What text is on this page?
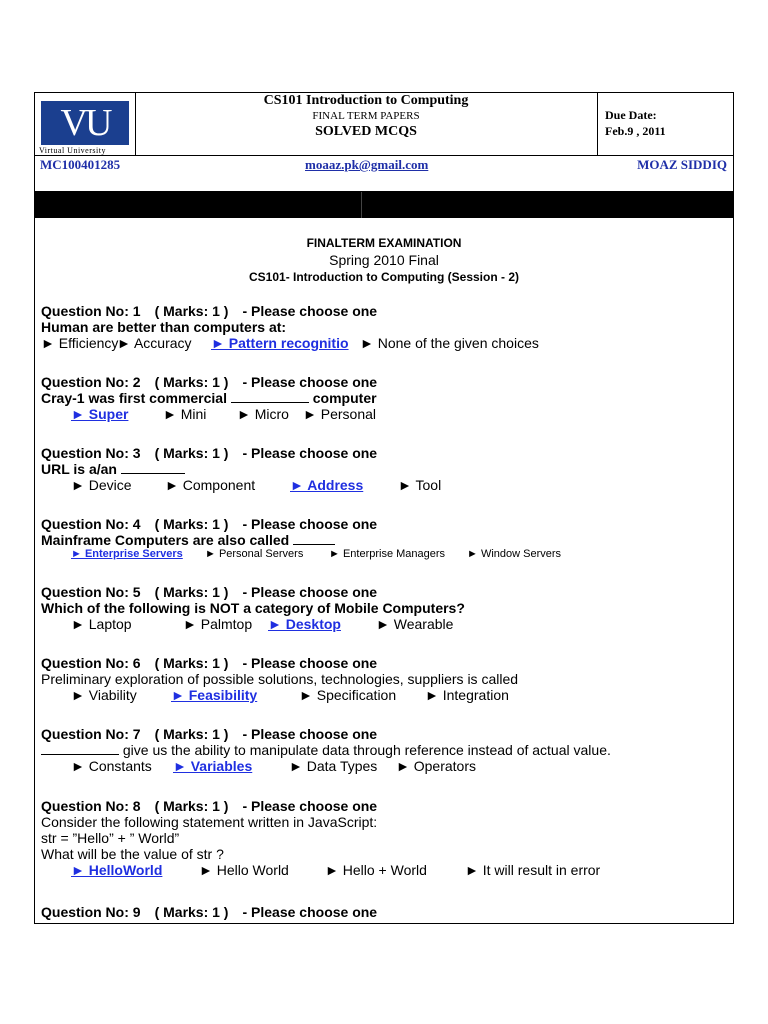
VU
Virtual University
CS101 Introduction to Computing
FINAL TERM PAPERS
SOLVED MCQS
Due Date:
Feb.9 , 2011
MC100401285	moaaz.pk@gmail.com	MOAZ SIDDIQ
FINALTERM EXAMINATION
Spring 2010 Final
CS101- Introduction to Computing (Session - 2)
Question No: 1 ( Marks: 1 ) - Please choose one
Human are better than computers at:
► Efficiency► Accuracy ► Pattern recognitio ► None of the given choices
Question No: 2 ( Marks: 1 ) - Please choose one
Cray-1 was first commercial	computer
► Super ► Mini ► Micro ► Personal
Question No: 3 ( Marks: 1 ) - Please choose one
URL is a/an
► Device ► Component ► Address ► Tool
Question No: 4 ( Marks: 1 ) - Please choose one
Mainframe Computers are also called
► Enterprise Servers ► Personal Servers ► Enterprise Managers ► Window Servers
Question No: 5 ( Marks: 1 ) - Please choose one
Which of the following is NOT a category of Mobile Computers?
► Laptop	► Palmtop ► Desktop	► Wearable
Question No: 6 ( Marks: 1 ) - Please choose one
Preliminary exploration of possible solutions, technologies, suppliers is called
► Viability ► Feasibility	► Specification ► Integration
Question No: 7 ( Marks: 1 ) - Please choose one
give us the ability to manipulate data through reference instead of actual value.
► Constants ► Variables	► Data Types ► Operators
Question No: 8 ( Marks: 1 ) - Please choose one
Consider the following statement written in JavaScript:
str = ”Hello” + ” World”
What will be the value of str ?
► HelloWorld	► Hello World	► Hello + World	► It will result in error
Question No: 9 ( Marks: 1 ) - Please choose one
